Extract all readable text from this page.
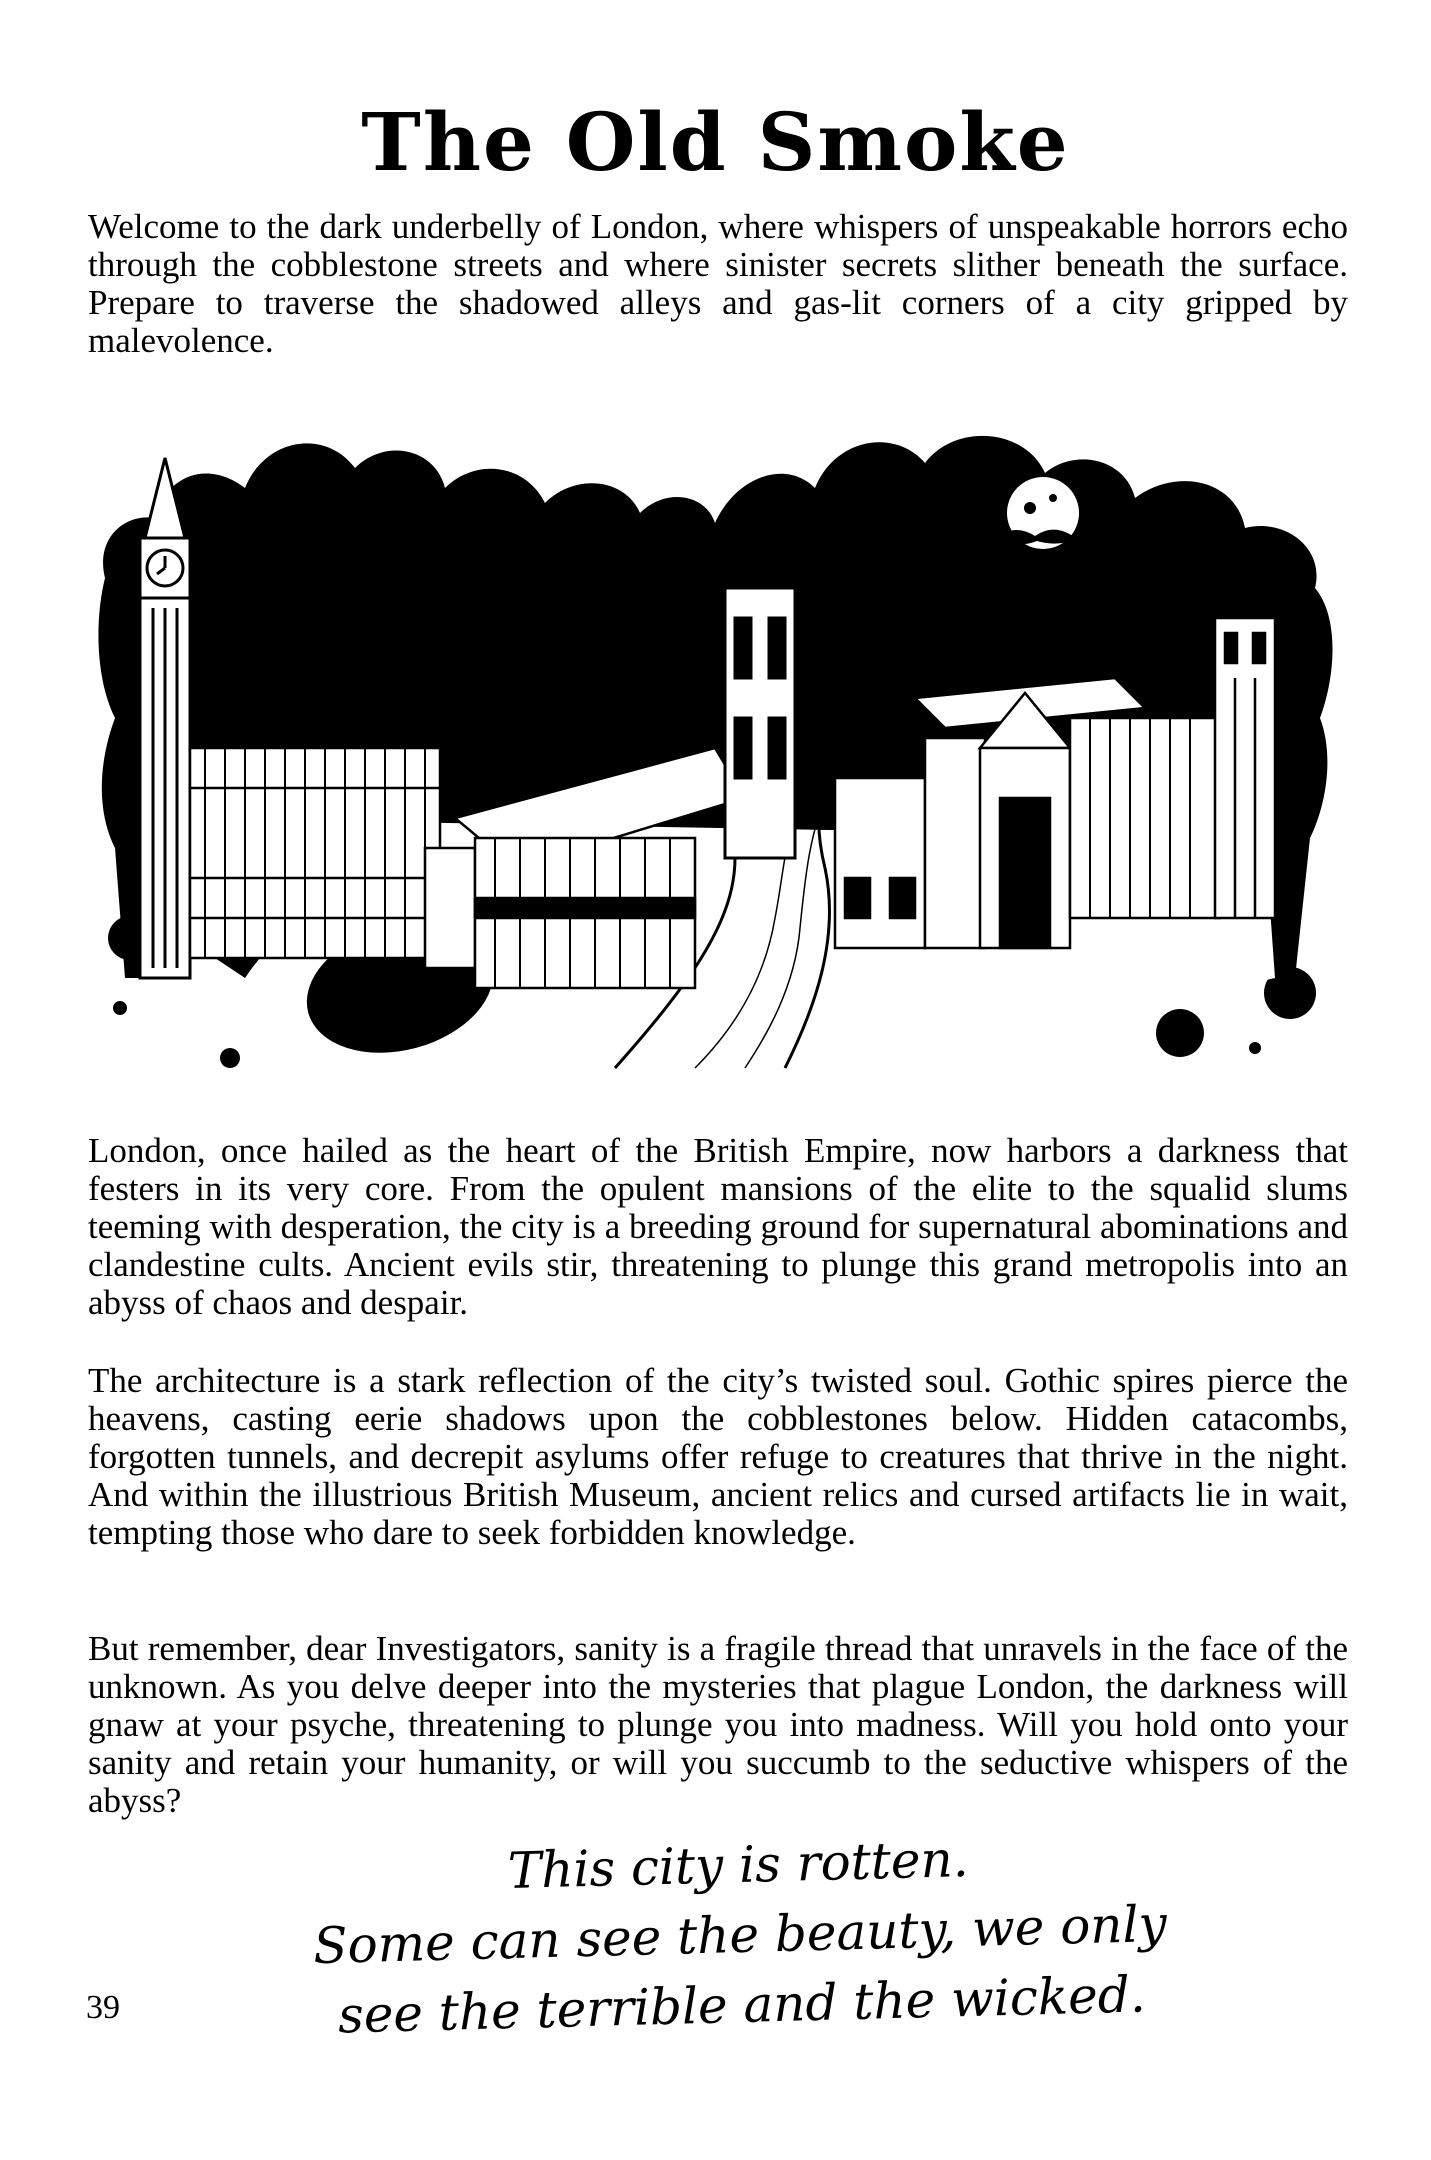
The Old Smoke

Welcome to the dark underbelly of London, where whispers of unspeakable horrors echo through the cobblestone streets and where sinister secrets slither beneath the surface. Prepare to traverse the shadowed alleys and gas-lit corners of a city gripped by malevolence.

London, once hailed as the heart of the British Empire, now harbors a darkness that festers in its very core. From the opulent mansions of the elite to the squalid slums teeming with desperation, the city is a breeding ground for supernatural abominations and clandestine cults. Ancient evils stir, threatening to plunge this grand metropolis into an abyss of chaos and despair.

The architecture is a stark reflection of the city’s twisted soul. Gothic spires pierce the heavens, casting eerie shadows upon the cobblestones below. Hidden catacombs, forgotten tunnels, and decrepit asylums offer refuge to creatures that thrive in the night. And within the illustrious British Museum, ancient relics and cursed artifacts lie in wait, tempting those who dare to seek forbidden knowledge.

But remember, dear Investigators, sanity is a fragile thread that unravels in the face of the unknown. As you delve deeper into the mysteries that plague London, the darkness will gnaw at your psyche, threatening to plunge you into madness. Will you hold onto your sanity and retain your humanity, or will you succumb to the seductive whispers of the abyss?

This city is rotten.
Some can see the beauty, we only
see the terrible and the wicked.
39
